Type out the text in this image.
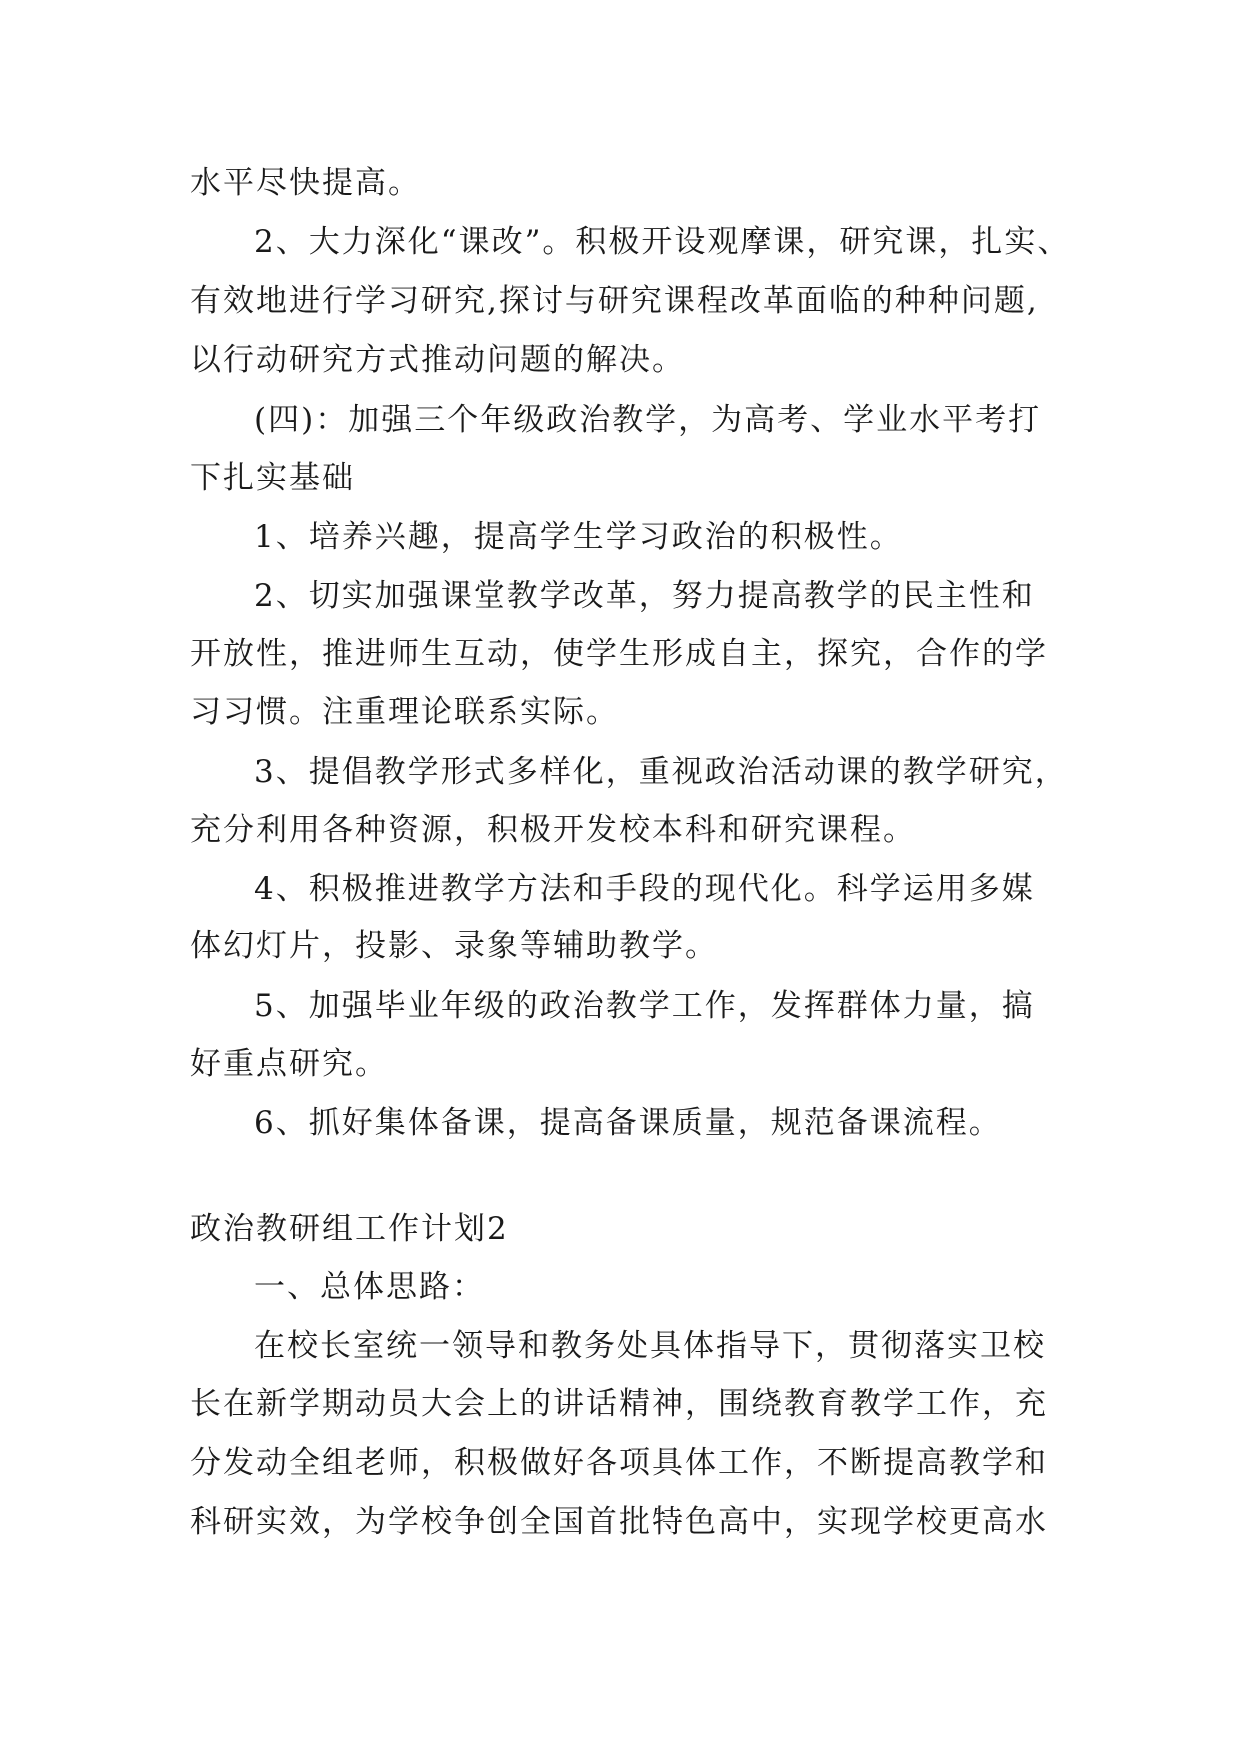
水平尽快提高。
2、大力深化“课改”。积极开设观摩课，研究课，扎实、
有效地进行学习研究,探讨与研究课程改革面临的种种问题,
以行动研究方式推动问题的解决。
(四)：加强三个年级政治教学，为高考、学业水平考打
下扎实基础
1、培养兴趣，提高学生学习政治的积极性。
2、切实加强课堂教学改革，努力提高教学的民主性和
开放性，推进师生互动，使学生形成自主，探究，合作的学
习习惯。注重理论联系实际。
3、提倡教学形式多样化，重视政治活动课的教学研究，
充分利用各种资源，积极开发校本科和研究课程。
4、积极推进教学方法和手段的现代化。科学运用多媒
体幻灯片，投影、录象等辅助教学。
5、加强毕业年级的政治教学工作，发挥群体力量，搞
好重点研究。
6、抓好集体备课，提高备课质量，规范备课流程。
政治教研组工作计划2
一、总体思路：
在校长室统一领导和教务处具体指导下，贯彻落实卫校
长在新学期动员大会上的讲话精神，围绕教育教学工作，充
分发动全组老师，积极做好各项具体工作，不断提高教学和
科研实效，为学校争创全国首批特色高中，实现学校更高水
